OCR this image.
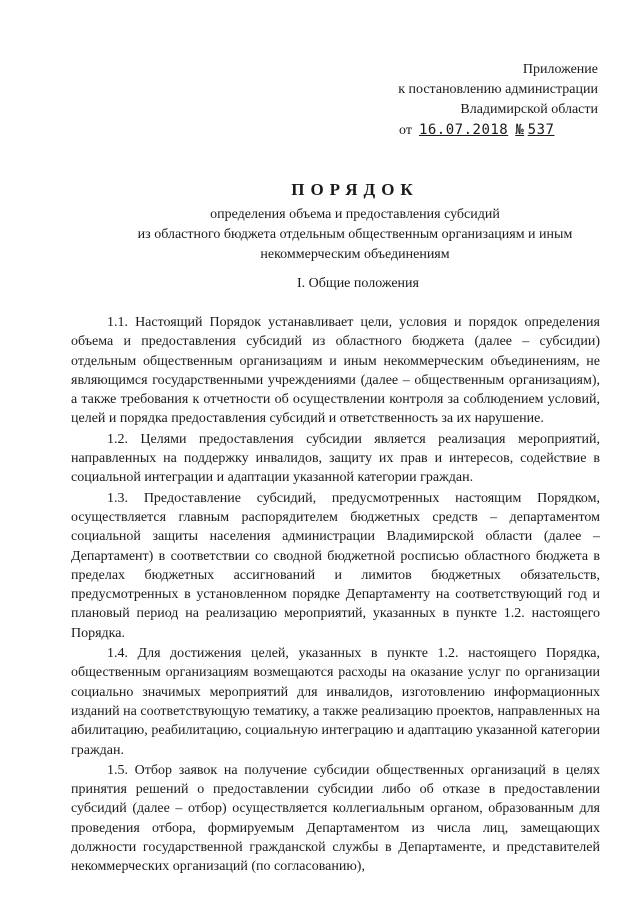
Приложение
к постановлению администрации
Владимирской области
от 16.07.2018 № 537
ПОРЯДОК
определения объема и предоставления субсидий
из областного бюджета отдельным общественным организациям и иным
некоммерческим объединениям
I. Общие положения

1.1. Настоящий Порядок устанавливает цели, условия и порядок определения объема и предоставления субсидий из областного бюджета (далее – субсидии) отдельным общественным организациям и иным некоммерческим объединениям, не являющимся государственными учреждениями (далее – общественным организациям), а также требования к отчетности об осуществлении контроля за соблюдением условий, целей и порядка предоставления субсидий и ответственность за их нарушение.

1.2. Целями предоставления субсидии является реализация мероприятий, направленных на поддержку инвалидов, защиту их прав и интересов, содействие в социальной интеграции и адаптации указанной категории граждан.

1.3. Предоставление субсидий, предусмотренных настоящим Порядком, осуществляется главным распорядителем бюджетных средств – департаментом социальной защиты населения администрации Владимирской области (далее – Департамент) в соответствии со сводной бюджетной росписью областного бюджета в пределах бюджетных ассигнований и лимитов бюджетных обязательств, предусмотренных в установленном порядке Департаменту на соответствующий год и плановый период на реализацию мероприятий, указанных в пункте 1.2. настоящего Порядка.

1.4. Для достижения целей, указанных в пункте 1.2. настоящего Порядка, общественным организациям возмещаются расходы на оказание услуг по организации социально значимых мероприятий для инвалидов, изготовлению информационных изданий на соответствующую тематику, а также реализацию проектов, направленных на абилитацию, реабилитацию, социальную интеграцию и адаптацию указанной категории граждан.

1.5. Отбор заявок на получение субсидии общественных организаций в целях принятия решений о предоставлении субсидии либо об отказе в предоставлении субсидий (далее – отбор) осуществляется коллегиальным органом, образованным для проведения отбора, формируемым Департаментом из числа лиц, замещающих должности государственной гражданской службы в Департаменте, и представителей некоммерческих организаций (по согласованию),
